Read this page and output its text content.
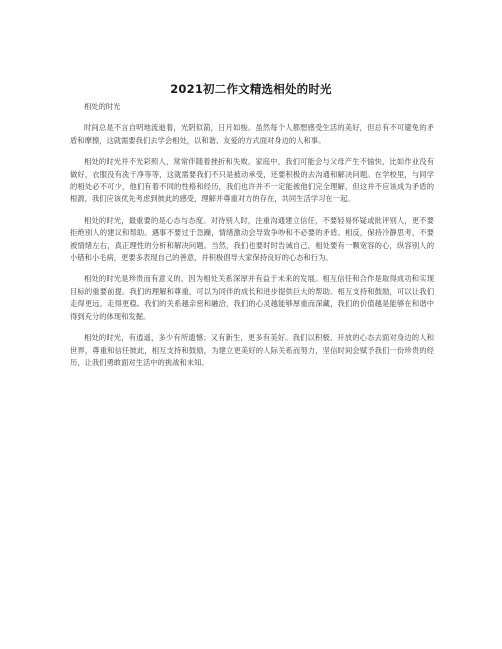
2021初二作文精选相处的时光

相处的时光

时间总是不言自明地流逝着，光阴似箭，日月如梭。虽然每个人都想感受生活的美好，但总有不可避免的矛盾和摩擦，这就需要我们去学会相处，以和谐、友爱的方式面对身边的人和事。

相处的时光并不光彩照人，常常伴随着挫折和失败。家庭中，我们可能会与父母产生不愉快，比如作业没有做好，衣服没有洗干净等等，这就需要我们不只是被动承受，还要积极的去沟通和解决问题。在学校里，与同学的相处必不可少，他们有着不同的性格和经历，我们也许并不一定能被他们完全理解，但这并不应该成为矛盾的根源，我们应该优先考虑到彼此的感受，理解并尊重对方的存在，共同生活学习在一起。

相处的时光，最重要的是心态与态度。对待别人时，注重沟通建立信任，不要轻易怀疑或批评别人，更不要拒绝别人的建议和帮助。遇事不要过于急躁，情绪激动会导致争吵和不必要的矛盾。相反，保持冷静思考，不要被情绪左右，真正理性的分析和解决问题。当然，我们也要时时告诫自己，相处要有一颗宽容的心，纵容别人的小错和小毛病，更要多表现自己的善意，并积极倡导大家保持良好的心态和行为。

相处的时光是珍贵而有意义的，因为相处关系深厚并有益于未来的发展。相互信任和合作是取得成功和实现目标的重要前提。我们的理解和尊重，可以为同伴的成长和进步提供巨大的帮助。相互支持和鼓励，可以让我们走得更远，走得更稳。我们的关系越亲密和融洽，我们的心灵越能够厚重而深藏，我们的价值越是能够在和谐中得到充分的体现和发掘。

相处的时光，有逍遥，多少有所遗憾；又有新生，更多有美好。我们以积极、开放的心态去面对身边的人和世界，尊重和信任彼此，相互支持和鼓励，为建立更美好的人际关系而努力，坚信时间会赋予我们一份珍贵的经历，让我们勇敢面对生活中的挑战和未知。
